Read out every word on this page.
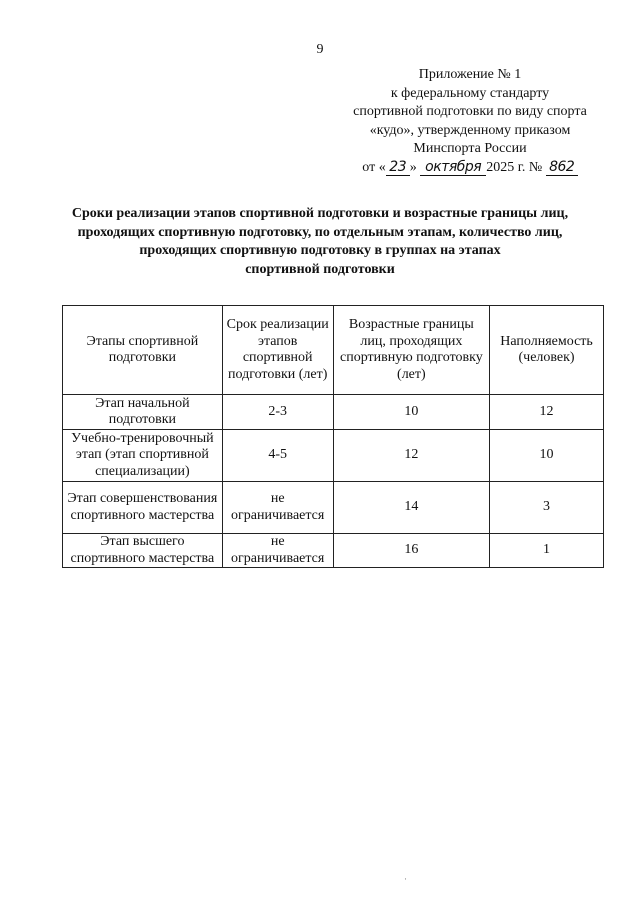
9
Приложение № 1
к федеральному стандарту
спортивной подготовки по виду спорта
«кудо», утвержденному приказом
Минспорта России
от « 23 » октября 2025 г. № 862
Сроки реализации этапов спортивной подготовки и возрастные границы лиц,
проходящих спортивную подготовку, по отдельным этапам, количество лиц,
проходящих спортивную подготовку в группах на этапах
спортивной подготовки
Этапы спортивной подготовки	Срок реализации этапов спортивной подготовки (лет)	Возрастные границы лиц, проходящих спортивную подготовку (лет)	Наполняемость (человек)
Этап начальной подготовки	2-3	10	12
Учебно-тренировочный этап (этап спортивной специализации)	4-5	12	10
Этап совершенствования спортивного мастерства	не ограничивается	14	3
Этап высшего спортивного мастерства	не ограничивается	16	1
·
